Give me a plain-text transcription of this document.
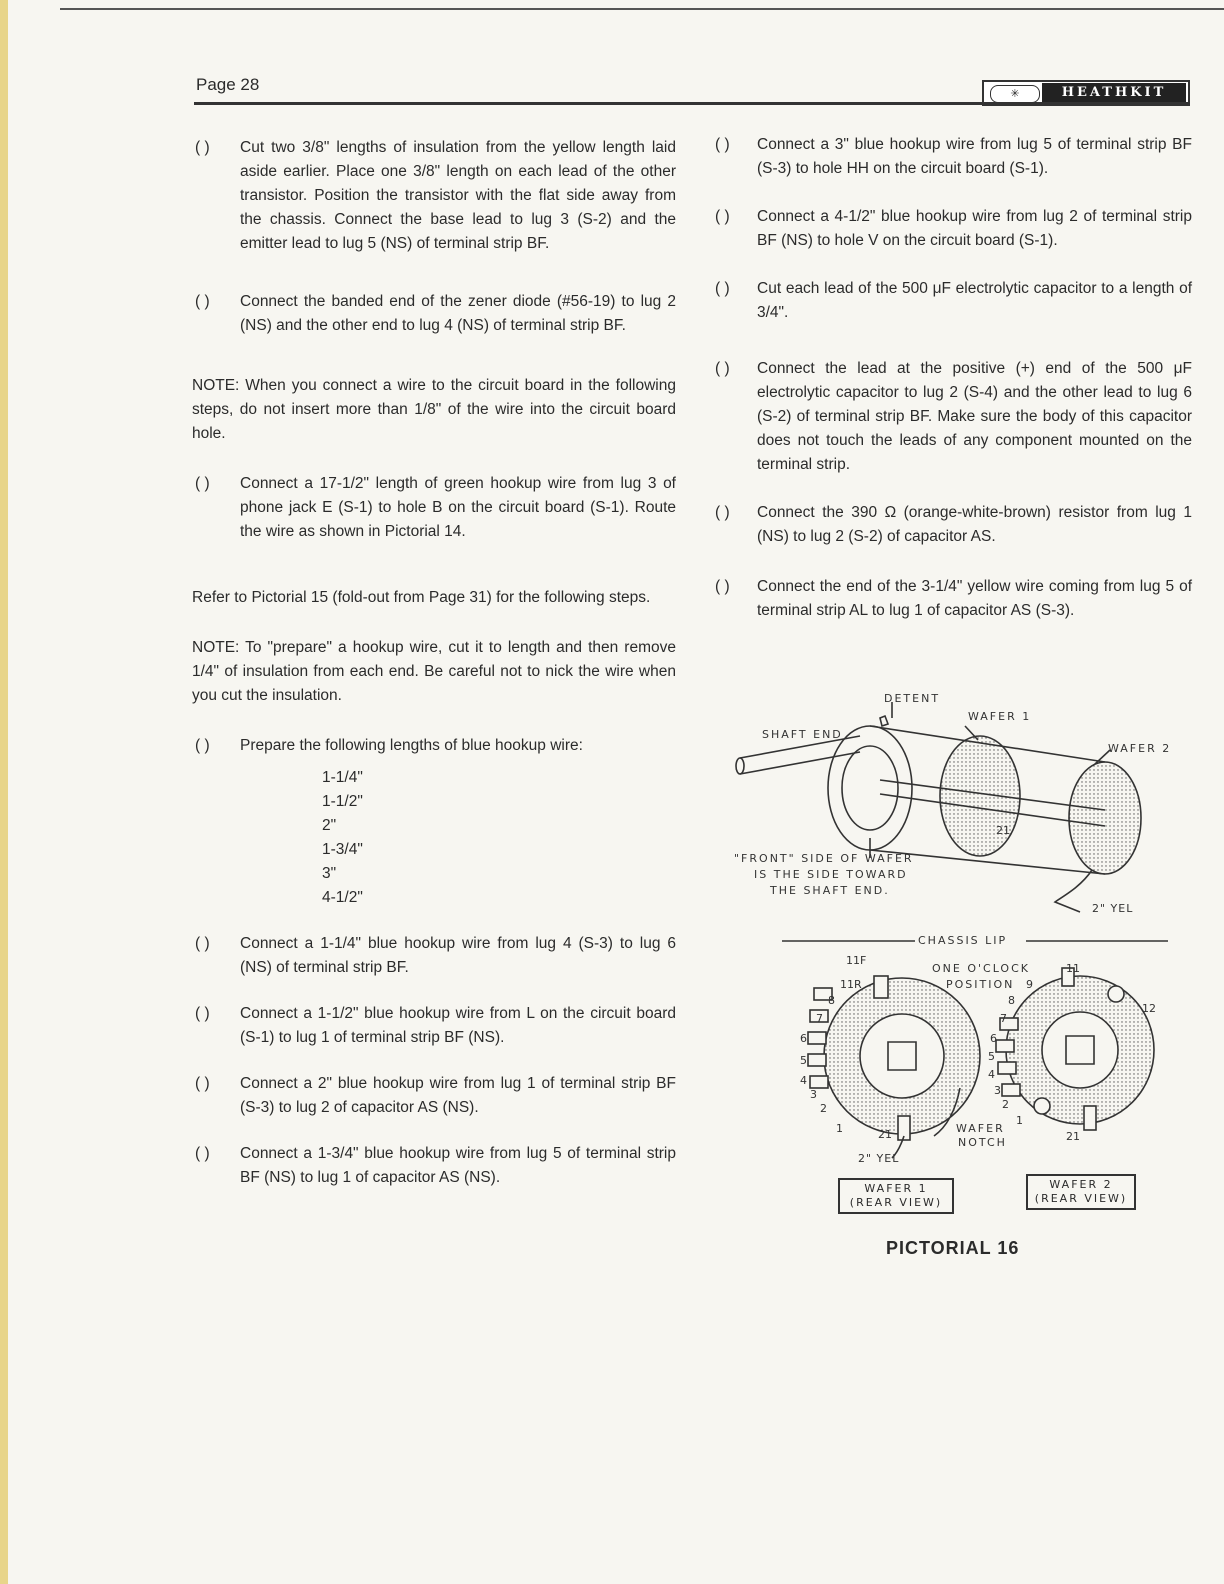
Page 28	✳	HEATHKIT
( ) Cut two 3/8" lengths of insulation from the yellow length laid aside earlier. Place one 3/8" length on each lead of the other transistor. Position the transistor with the flat side away from the chassis. Connect the base lead to lug 3 (S-2) and the emitter lead to lug 5 (NS) of terminal strip BF.
( ) Connect the banded end of the zener diode (#56-19) to lug 2 (NS) and the other end to lug 4 (NS) of terminal strip BF.
NOTE: When you connect a wire to the circuit board in the following steps, do not insert more than 1/8" of the wire into the circuit board hole.
( ) Connect a 17-1/2" length of green hookup wire from lug 3 of phone jack E (S-1) to hole B on the circuit board (S-1). Route the wire as shown in Pictorial 14.
Refer to Pictorial 15 (fold-out from Page 31) for the following steps.
NOTE: To "prepare" a hookup wire, cut it to length and then remove 1/4" of insulation from each end. Be careful not to nick the wire when you cut the insulation.
( ) Prepare the following lengths of blue hookup wire:
1-1/4"
1-1/2"
2"
1-3/4"
3"
4-1/2"
( ) Connect a 1-1/4" blue hookup wire from lug 4 (S-3) to lug 6 (NS) of terminal strip BF.
( ) Connect a 1-1/2" blue hookup wire from L on the circuit board (S-1) to lug 1 of terminal strip BF (NS).
( ) Connect a 2" blue hookup wire from lug 1 of terminal strip BF (S-3) to lug 2 of capacitor AS (NS).
( ) Connect a 1-3/4" blue hookup wire from lug 5 of terminal strip BF (NS) to lug 1 of capacitor AS (NS).
( ) Connect a 3" blue hookup wire from lug 5 of terminal strip BF (S-3) to hole HH on the circuit board (S-1).
( ) Connect a 4-1/2" blue hookup wire from lug 2 of terminal strip BF (NS) to hole V on the circuit board (S-1).
( ) Cut each lead of the 500 μF electrolytic capacitor to a length of 3/4".
( ) Connect the lead at the positive (+) end of the 500 μF electrolytic capacitor to lug 2 (S-4) and the other lead to lug 6 (S-2) of terminal strip BF. Make sure the body of this capacitor does not touch the leads of any component mounted on the terminal strip.
( ) Connect the 390 Ω (orange-white-brown) resistor from lug 1 (NS) to lug 2 (S-2) of capacitor AS.
( ) Connect the end of the 3-1/4" yellow wire coming from lug 5 of terminal strip AL to lug 1 of capacitor AS (S-3).
DETENT
WAFER 1
SHAFT END
WAFER 2
21
"FRONT" SIDE OF WAFER
IS THE SIDE TOWARD
THE SHAFT END.
2" YEL
CHASSIS LIP
11F
11R
ONE O'CLOCK
POSITION
11
9
12
8
7
6
5
4
3
2
1
8
7
6
5
4
3
2
1
21	21
WAFER
NOTCH
2" YEL
WAFER 1
(REAR VIEW)
WAFER 2
(REAR VIEW)
PICTORIAL 16
